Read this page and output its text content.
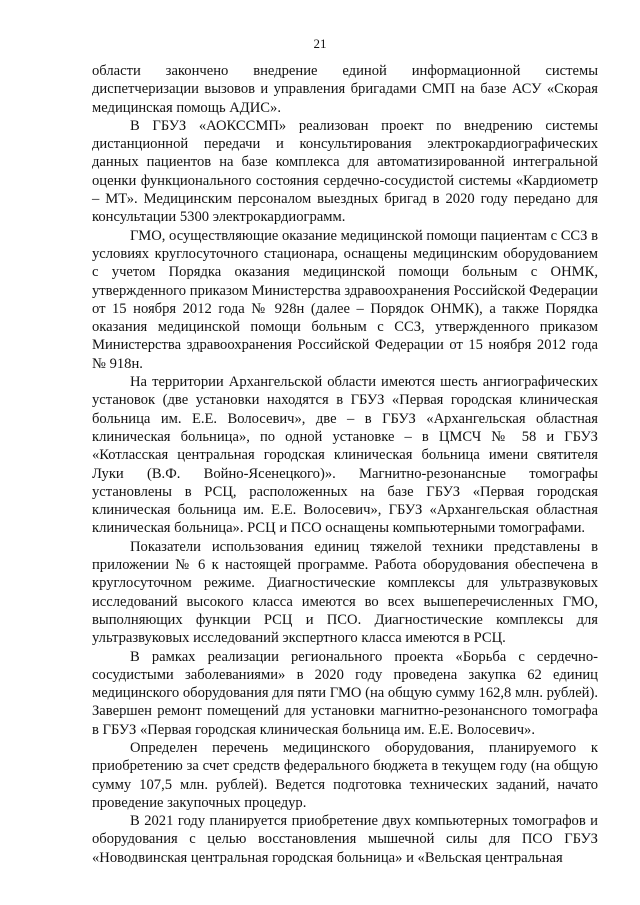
21

области закончено внедрение единой информационной системы диспетчеризации вызовов и управления бригадами СМП на базе АСУ «Скорая медицинская помощь АДИС».

В ГБУЗ «АОКССМП» реализован проект по внедрению системы дистанционной передачи и консультирования электрокардиографических данных пациентов на базе комплекса для автоматизированной интегральной оценки функционального состояния сердечно-сосудистой системы «Кардиометр – МТ». Медицинским персоналом выездных бригад в 2020 году передано для консультации 5300 электрокардиограмм.

ГМО, осуществляющие оказание медицинской помощи пациентам с ССЗ в условиях круглосуточного стационара, оснащены медицинским оборудованием с учетом Порядка оказания медицинской помощи больным с ОНМК, утвержденного приказом Министерства здравоохранения Российской Федерации от 15 ноября 2012 года № 928н (далее – Порядок ОНМК), а также Порядка оказания медицинской помощи больным с ССЗ, утвержденного приказом Министерства здравоохранения Российской Федерации от 15 ноября 2012 года № 918н.

На территории Архангельской области имеются шесть ангиографических установок (две установки находятся в ГБУЗ «Первая городская клиническая больница им. Е.Е. Волосевич», две – в ГБУЗ «Архангельская областная клиническая больница», по одной установке – в ЦМСЧ № 58 и ГБУЗ «Котласская центральная городская клиническая больница имени святителя Луки (В.Ф. Войно-Ясенецкого)». Магнитно-резонансные томографы установлены в РСЦ, расположенных на базе ГБУЗ «Первая городская клиническая больница им. Е.Е. Волосевич», ГБУЗ «Архангельская областная клиническая больница». РСЦ и ПСО оснащены компьютерными томографами.

Показатели использования единиц тяжелой техники представлены в приложении № 6 к настоящей программе. Работа оборудования обеспечена в круглосуточном режиме. Диагностические комплексы для ультразвуковых исследований высокого класса имеются во всех вышеперечисленных ГМО, выполняющих функции РСЦ и ПСО. Диагностические комплексы для ультразвуковых исследований экспертного класса имеются в РСЦ.

В рамках реализации регионального проекта «Борьба с сердечно-сосудистыми заболеваниями» в 2020 году проведена закупка 62 единиц медицинского оборудования для пяти ГМО (на общую сумму 162,8 млн. рублей). Завершен ремонт помещений для установки магнитно-резонансного томографа в ГБУЗ «Первая городская клиническая больница им. Е.Е. Волосевич».

Определен перечень медицинского оборудования, планируемого к приобретению за счет средств федерального бюджета в текущем году (на общую сумму 107,5 млн. рублей). Ведется подготовка технических заданий, начато проведение закупочных процедур.

В 2021 году планируется приобретение двух компьютерных томографов и оборудования с целью восстановления мышечной силы для ПСО ГБУЗ «Новодвинская центральная городская больница» и «Вельская центральная
